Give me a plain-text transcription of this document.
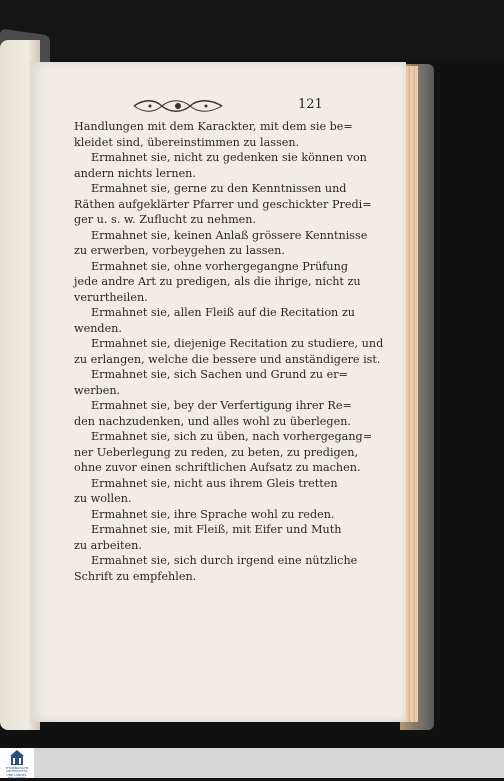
121
Handlungen mit dem Karackter, mit dem sie be=
kleidet sind, übereinstimmen zu lassen.
Ermahnet sie, nicht zu gedenken sie können von
andern nichts lernen.
Ermahnet sie, gerne zu den Kenntnissen und
Räthen aufgeklärter Pfarrer und geschickter Predi=
ger u. s. w. Zuflucht zu nehmen.
Ermahnet sie, keinen Anlaß grössere Kenntnisse
zu erwerben, vorbeygehen zu lassen.
Ermahnet sie, ohne vorhergegangne Prüfung
jede andre Art zu predigen, als die ihrige, nicht zu
verurtheilen.
Ermahnet sie, allen Fleiß auf die Recitation zu
wenden.
Ermahnet sie, diejenige Recitation zu studiere, und
zu erlangen, welche die bessere und anständigere ist.
Ermahnet sie, sich Sachen und Grund zu er=
werben.
Ermahnet sie, bey der Verfertigung ihrer Re=
den nachzudenken, und alles wohl zu überlegen.
Ermahnet sie, sich zu üben, nach vorhergegang=
ner Ueberlegung zu reden, zu beten, zu predigen,
ohne zuvor einen schriftlichen Aufsatz zu machen.
Ermahnet sie, nicht aus ihrem Gleis tretten
zu wollen.
Ermahnet sie, ihre Sprache wohl zu reden.
Ermahnet sie, mit Fleiß, mit Eifer und Muth
zu arbeiten.
Ermahnet sie, sich durch irgend eine nützliche
Schrift zu empfehlen.
THÜRINGISCHE
UNIVERSITÄTS-
UND LANDES-
BIBLIOTHEK
